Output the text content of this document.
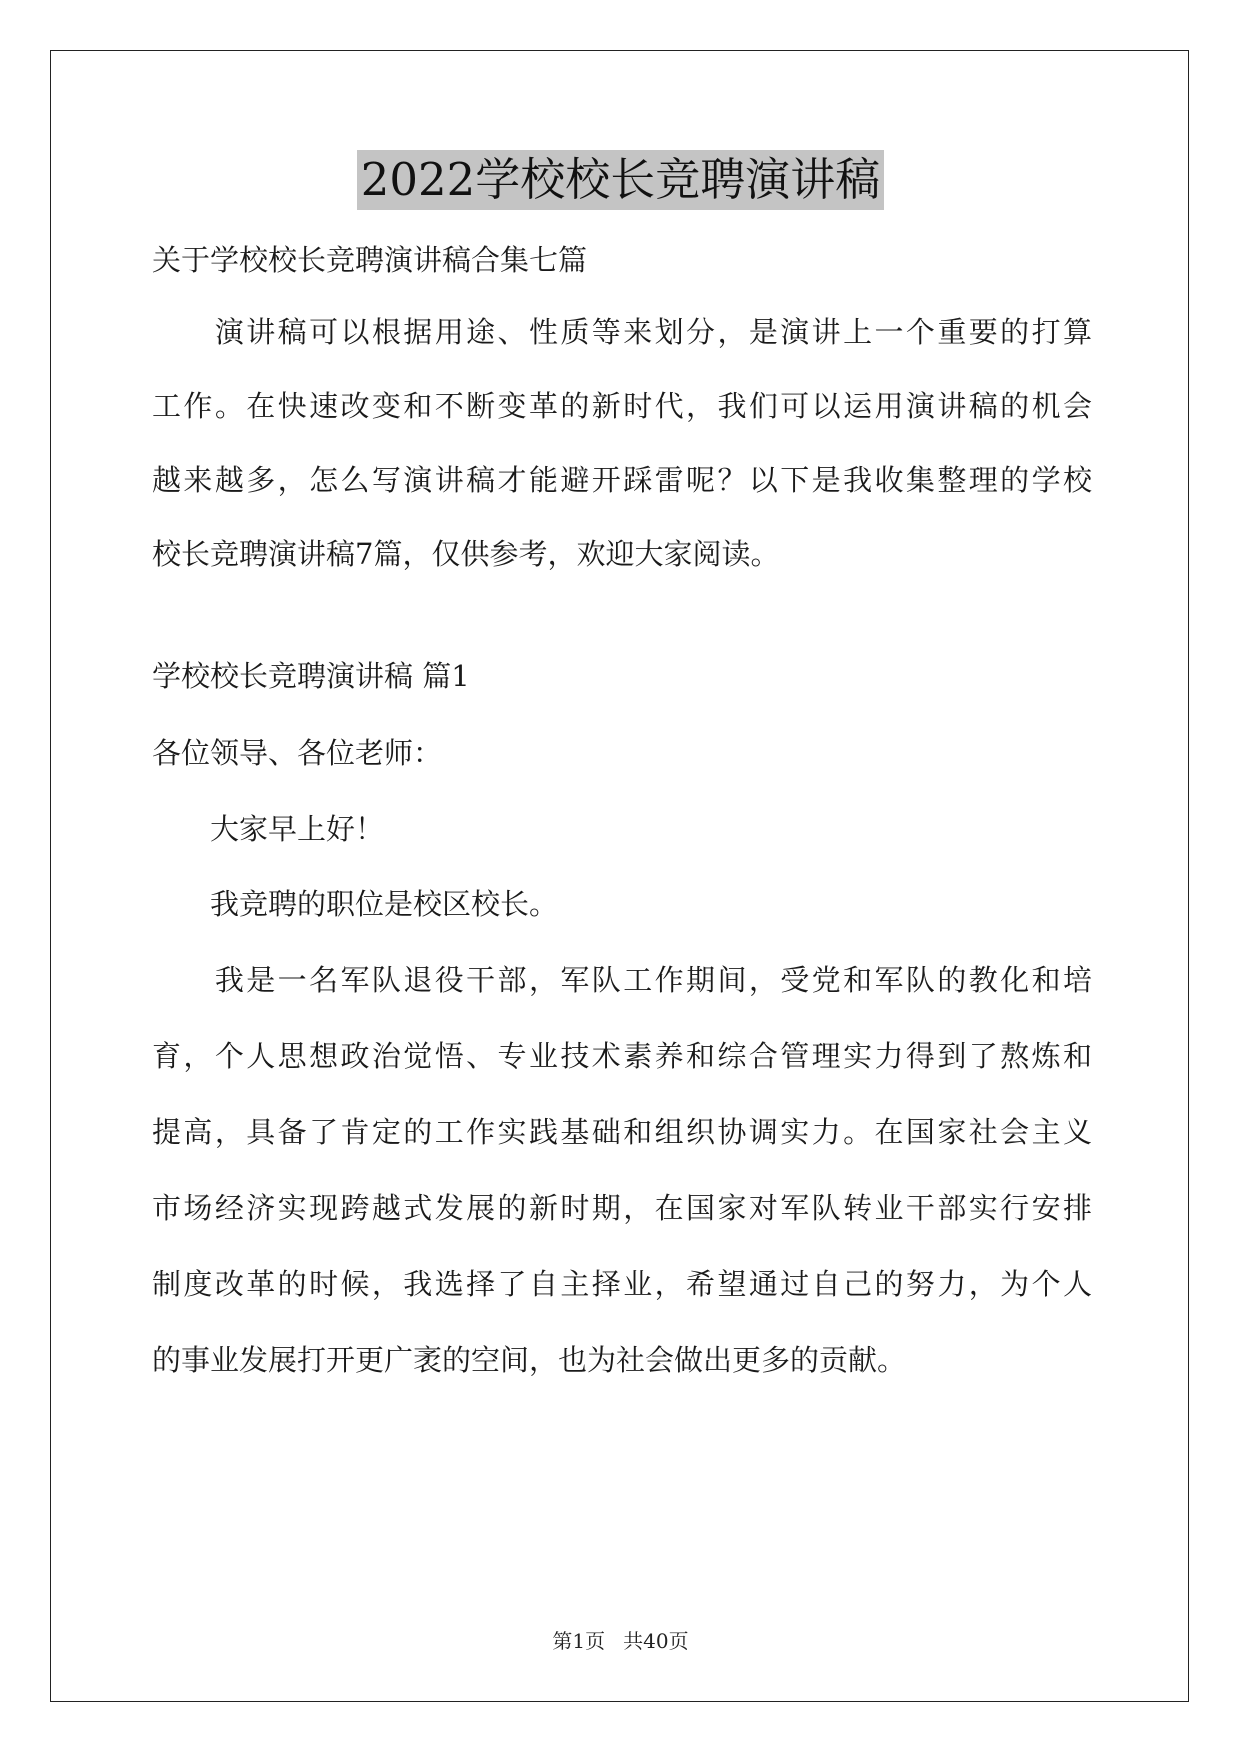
2022学校校长竞聘演讲稿
关于学校校长竞聘演讲稿合集七篇
　　演讲稿可以根据用途、性质等来划分，是演讲上一个重要的打算
工作。在快速改变和不断变革的新时代，我们可以运用演讲稿的机会
越来越多，怎么写演讲稿才能避开踩雷呢？以下是我收集整理的学校
校长竞聘演讲稿7篇，仅供参考，欢迎大家阅读。
学校校长竞聘演讲稿 篇1
各位领导、各位老师：
　　大家早上好！
　　我竞聘的职位是校区校长。
　　我是一名军队退役干部，军队工作期间，受党和军队的教化和培
育，个人思想政治觉悟、专业技术素养和综合管理实力得到了熬炼和
提高，具备了肯定的工作实践基础和组织协调实力。在国家社会主义
市场经济实现跨越式发展的新时期，在国家对军队转业干部实行安排
制度改革的时候，我选择了自主择业，希望通过自己的努力，为个人
的事业发展打开更广袤的空间，也为社会做出更多的贡献。
第1页 共40页
